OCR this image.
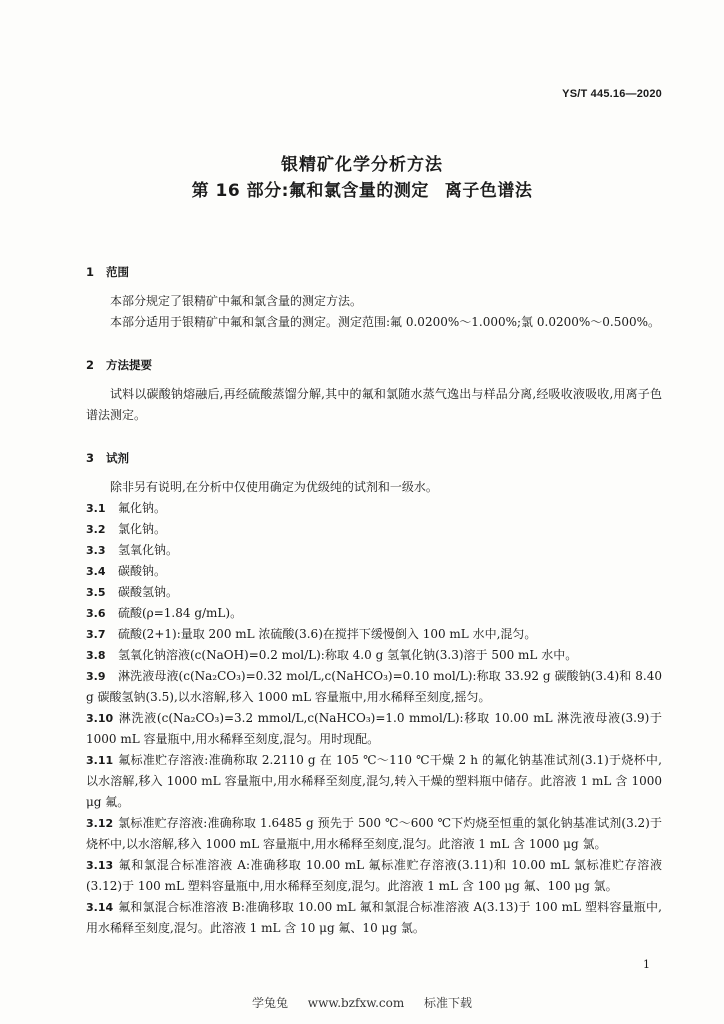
YS/T 445.16—2020
银精矿化学分析方法
第 16 部分:氟和氯含量的测定 离子色谱法

1 范围

本部分规定了银精矿中氟和氯含量的测定方法。

本部分适用于银精矿中氟和氯含量的测定。测定范围:氟 0.0200%～1.000%;氯 0.0200%～0.500%。

2 方法提要

试料以碳酸钠熔融后,再经硫酸蒸馏分解,其中的氟和氯随水蒸气逸出与样品分离,经吸收液吸收,用离子色谱法测定。

3 试剂

除非另有说明,在分析中仅使用确定为优级纯的试剂和一级水。

3.1 氟化钠。

3.2 氯化钠。

3.3 氢氧化钠。

3.4 碳酸钠。

3.5 碳酸氢钠。

3.6 硫酸(ρ=1.84 g/mL)。

3.7 硫酸(2+1):量取 200 mL 浓硫酸(3.6)在搅拌下缓慢倒入 100 mL 水中,混匀。

3.8 氢氧化钠溶液(c(NaOH)=0.2 mol/L):称取 4.0 g 氢氧化钠(3.3)溶于 500 mL 水中。

3.9 淋洗液母液(c(Na₂CO₃)=0.32 mol/L,c(NaHCO₃)=0.10 mol/L):称取 33.92 g 碳酸钠(3.4)和 8.40 g 碳酸氢钠(3.5),以水溶解,移入 1000 mL 容量瓶中,用水稀释至刻度,摇匀。

3.10 淋洗液(c(Na₂CO₃)=3.2 mmol/L,c(NaHCO₃)=1.0 mmol/L):移取 10.00 mL 淋洗液母液(3.9)于 1000 mL 容量瓶中,用水稀释至刻度,混匀。用时现配。

3.11 氟标准贮存溶液:准确称取 2.2110 g 在 105 ℃～110 ℃干燥 2 h 的氟化钠基准试剂(3.1)于烧杯中,以水溶解,移入 1000 mL 容量瓶中,用水稀释至刻度,混匀,转入干燥的塑料瓶中储存。此溶液 1 mL 含 1000 μg 氟。

3.12 氯标准贮存溶液:准确称取 1.6485 g 预先于 500 ℃～600 ℃下灼烧至恒重的氯化钠基准试剂(3.2)于烧杯中,以水溶解,移入 1000 mL 容量瓶中,用水稀释至刻度,混匀。此溶液 1 mL 含 1000 μg 氯。

3.13 氟和氯混合标准溶液 A:准确移取 10.00 mL 氟标准贮存溶液(3.11)和 10.00 mL 氯标准贮存溶液(3.12)于 100 mL 塑料容量瓶中,用水稀释至刻度,混匀。此溶液 1 mL 含 100 μg 氟、100 μg 氯。

3.14 氟和氯混合标准溶液 B:准确移取 10.00 mL 氟和氯混合标准溶液 A(3.13)于 100 mL 塑料容量瓶中,用水稀释至刻度,混匀。此溶液 1 mL 含 10 μg 氟、10 μg 氯。

1
学兔兔 www.bzfxw.com 标准下载
